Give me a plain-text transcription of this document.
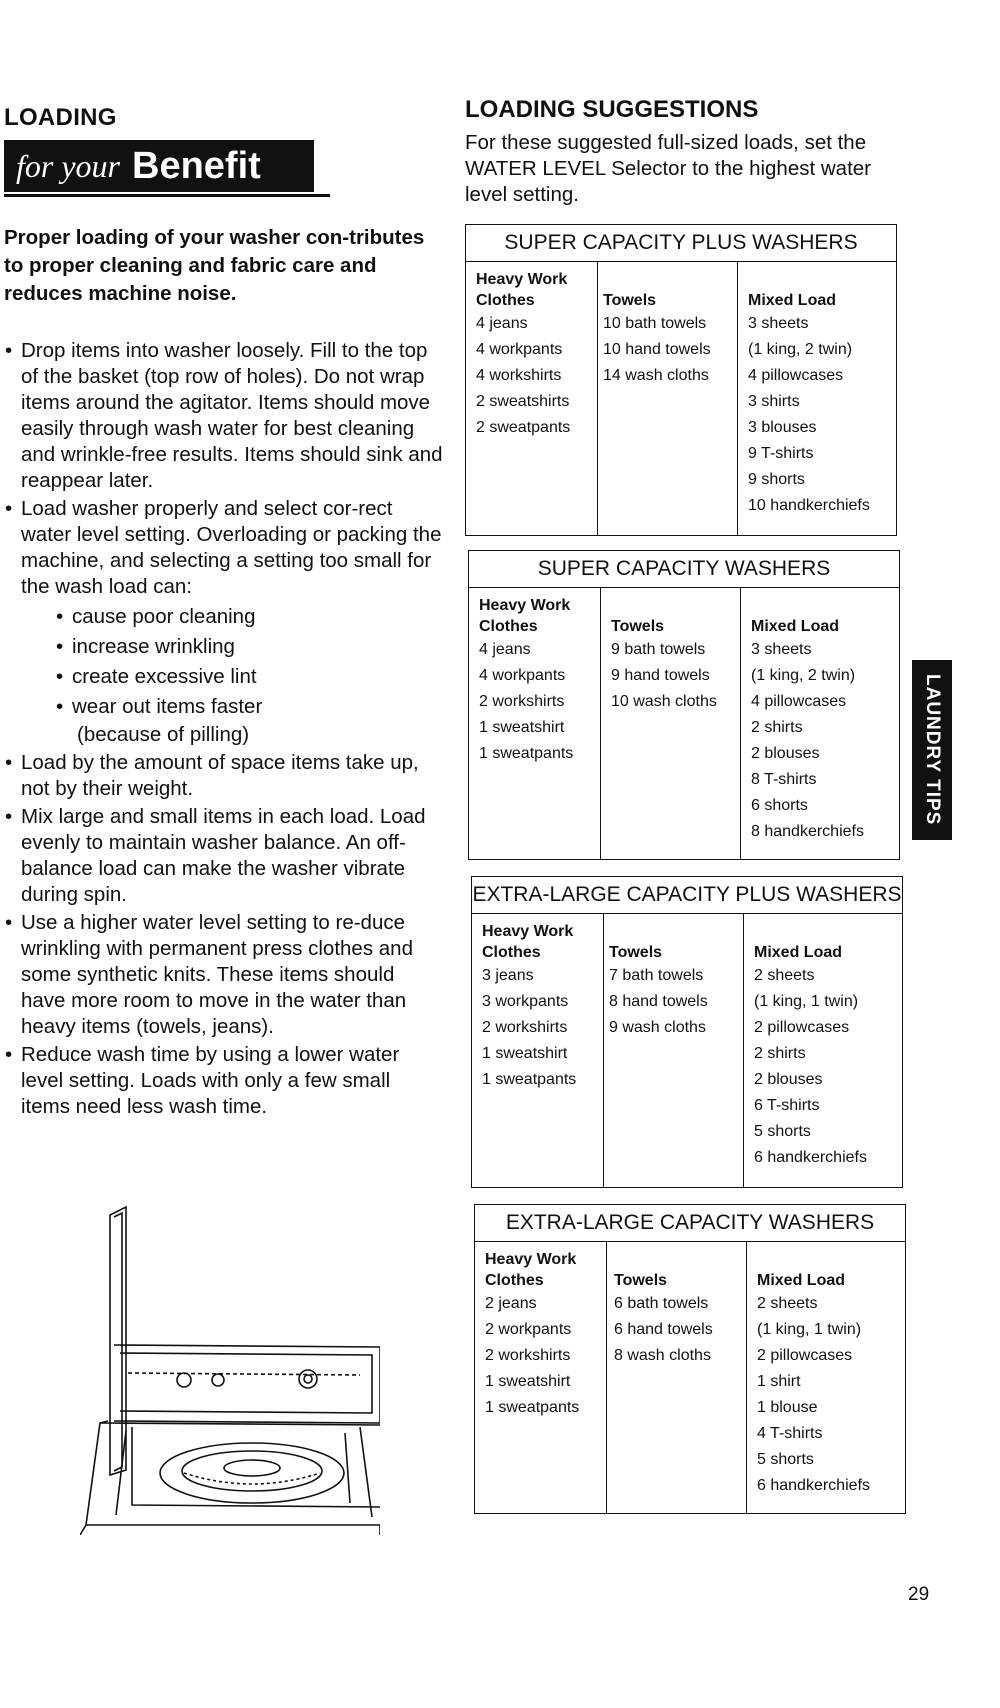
LOADING
for your Benefit
Proper loading of your washer con-tributes to proper cleaning and fabric care and reduces machine noise.

• Drop items into washer loosely. Fill to the top of the basket (top row of holes). Do not wrap items around the agitator. Items should move easily through wash water for best cleaning and wrinkle-free results. Items should sink and reappear later.

• Load washer properly and select cor-rect water level setting. Overloading or packing the machine, and selecting a setting too small for the wash load can:

• cause poor cleaning

• increase wrinkling

• create excessive lint

• wear out items faster

(because of pilling)

• Load by the amount of space items take up, not by their weight.

• Mix large and small items in each load. Load evenly to maintain washer balance. An off-balance load can make the washer vibrate during spin.

• Use a higher water level setting to re-duce wrinkling with permanent press clothes and some synthetic knits. These items should have more room to move in the water than heavy items (towels, jeans).

• Reduce wash time by using a lower water level setting. Loads with only a few small items need less wash time.

LOADING SUGGESTIONS
For these suggested full-sized loads, set the WATER LEVEL Selector to the highest water level setting.
SUPER CAPACITY PLUS WASHERS
Heavy Work Clothes
4 jeans
4 workpants
4 workshirts
2 sweatshirts
2 sweatpants
Towels
10 bath towels
10 hand towels
14 wash cloths
Mixed Load
3 sheets
(1 king, 2 twin)
4 pillowcases
3 shirts
3 blouses
9 T-shirts
9 shorts
10 handkerchiefs
SUPER CAPACITY WASHERS
Heavy Work Clothes
4 jeans
4 workpants
2 workshirts
1 sweatshirt
1 sweatpants
Towels
9 bath towels
9 hand towels
10 wash cloths
Mixed Load
3 sheets
(1 king, 2 twin)
4 pillowcases
2 shirts
2 blouses
8 T-shirts
6 shorts
8 handkerchiefs
EXTRA-LARGE CAPACITY PLUS WASHERS
Heavy Work Clothes
3 jeans
3 workpants
2 workshirts
1 sweatshirt
1 sweatpants
Towels
7 bath towels
8 hand towels
9 wash cloths
Mixed Load
2 sheets
(1 king, 1 twin)
2 pillowcases
2 shirts
2 blouses
6 T-shirts
5 shorts
6 handkerchiefs
EXTRA-LARGE CAPACITY WASHERS
Heavy Work Clothes
2 jeans
2 workpants
2 workshirts
1 sweatshirt
1 sweatpants
Towels
6 bath towels
6 hand towels
8 wash cloths
Mixed Load
2 sheets
(1 king, 1 twin)
2 pillowcases
1 shirt
1 blouse
4 T-shirts
5 shorts
6 handkerchiefs
LAUNDRY TIPS
29
